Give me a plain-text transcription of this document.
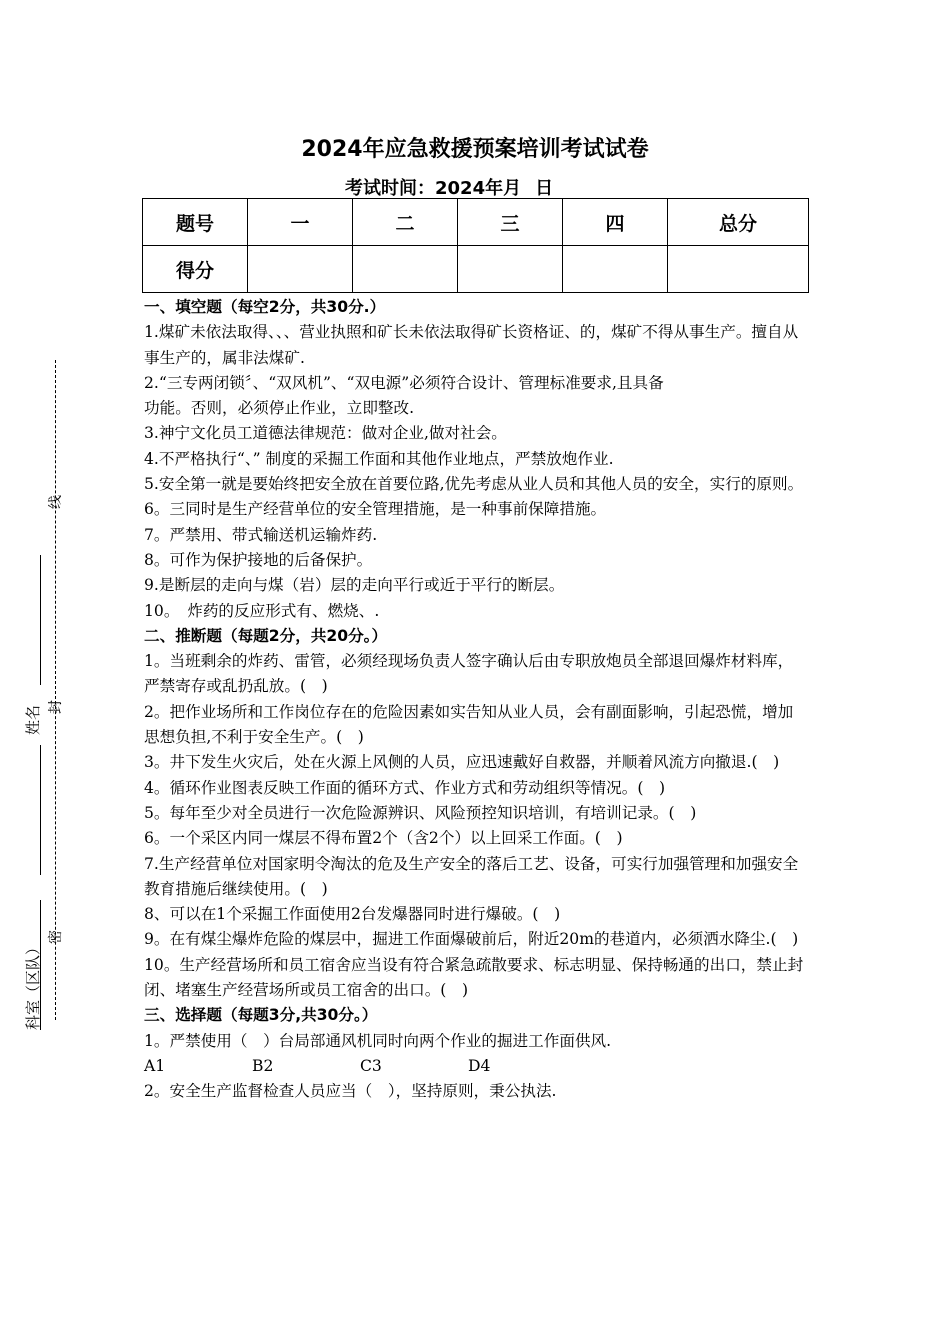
线
封
密
姓名
科室（区队）
2024年应急救援预案培训考试试卷
考试时间：2024年月 日
题号	一	二	三	四	总分
得分					

一、填空题（每空2分，共30分.）

1.煤矿未依法取得、、、营业执照和矿长未依法取得矿长资格证、的，煤矿不得从事生产。擅自从事生产的，属非法煤矿.

2.“三专两闭锁〞、“双风机”、“双电源”必须符合设计、管理标准要求,且具备

功能。否则，必须停止作业，立即整改.

3.神宁文化员工道德法律规范：做对企业,做对社会。

4.不严格执行“、” 制度的采掘工作面和其他作业地点，严禁放炮作业.

5.安全第一就是要始终把安全放在首要位路,优先考虑从业人员和其他人员的安全，实行的原则。

6。三同时是生产经营单位的安全管理措施，是一种事前保障措施。

7。严禁用、带式输送机运输炸药.

8。可作为保护接地的后备保护。

9.是断层的走向与煤（岩）层的走向平行或近于平行的断层。

10。　炸药的反应形式有、燃烧、.

二、推断题（每题2分，共20分。）

1。当班剩余的炸药、雷管，必须经现场负责人签字确认后由专职放炮员全部退回爆炸材料库，严禁寄存或乱扔乱放。(　)

2。把作业场所和工作岗位存在的危险因素如实告知从业人员，会有副面影响，引起恐慌，增加思想负担,不利于安全生产。(　)

3。井下发生火灾后，处在火源上风侧的人员，应迅速戴好自救器，并顺着风流方向撤退.(　)

4。循环作业图表反映工作面的循环方式、作业方式和劳动组织等情况。(　)

5。每年至少对全员进行一次危险源辨识、风险预控知识培训，有培训记录。(　)

6。一个采区内同一煤层不得布置2个（含2个）以上回采工作面。(　)

7.生产经营单位对国家明令淘汰的危及生产安全的落后工艺、设备，可实行加强管理和加强安全教育措施后继续使用。(　)

8、可以在1个采掘工作面使用2台发爆器同时进行爆破。(　)

9。在有煤尘爆炸危险的煤层中，掘进工作面爆破前后，附近20m的巷道内，必须洒水降尘.(　)

10。生产经营场所和员工宿舍应当设有符合紧急疏散要求、标志明显、保持畅通的出口，禁止封闭、堵塞生产经营场所或员工宿舍的出口。(　)

三、选择题（每题3分,共30分。）

1。严禁使用（　）台局部通风机同时向两个作业的掘进工作面供风.

A1	B2	C3	D4

2。安全生产监督检查人员应当（　），坚持原则，秉公执法.
